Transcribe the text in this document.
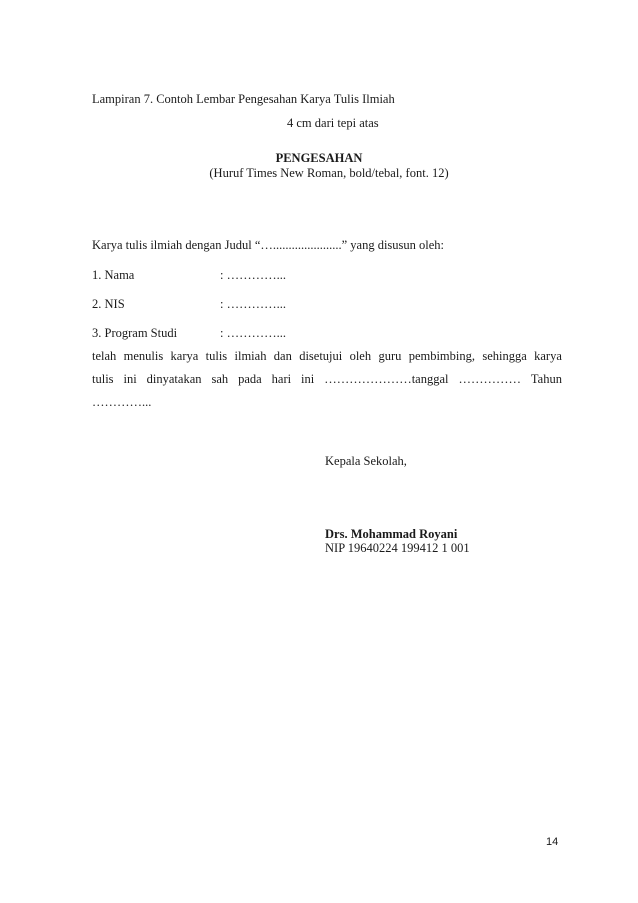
Lampiran 7. Contoh Lembar Pengesahan Karya Tulis Ilmiah
4 cm dari tepi atas
PENGESAHAN
(Huruf Times New Roman, bold/tebal, font. 12)
Karya tulis ilmiah dengan Judul “…......................” yang disusun oleh:
1. Nama	: …………...
2. NIS	: …………...
3. Program Studi	: …………...
telah menulis karya tulis ilmiah dan disetujui oleh guru pembimbing, sehingga karya
tulis ini dinyatakan sah pada hari ini …………………tanggal …………… Tahun
…………...
Kepala Sekolah,
Drs. Mohammad Royani
NIP 19640224 199412 1 001
14
